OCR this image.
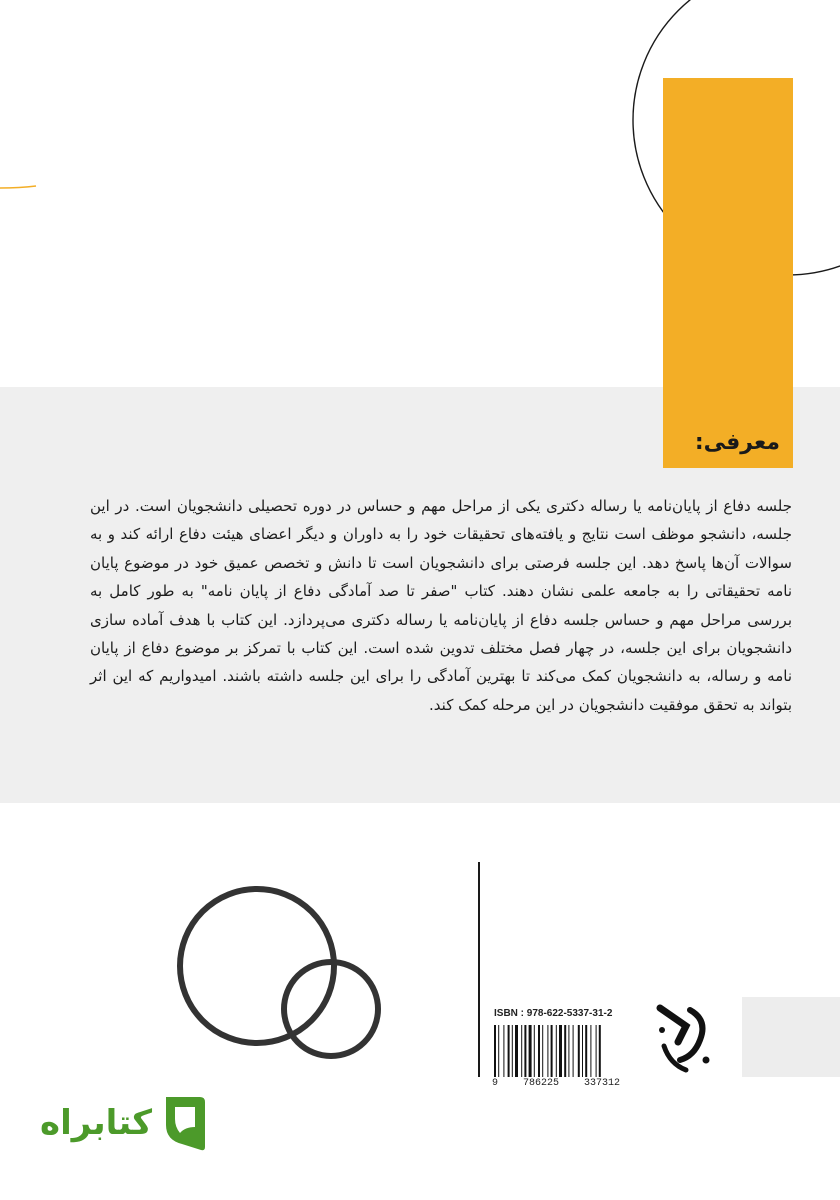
معرفی:
جلسه دفاع از پایان‌نامه یا رساله دکتری یکی از مراحل مهم و حساس در دوره تحصیلی دانشجویان است. در این جلسه، دانشجو موظف است نتایج و یافته‌های تحقیقات خود را به داوران و دیگر اعضای هیئت دفاع ارائه کند و به سوالات آن‌ها پاسخ دهد. این جلسه فرصتی برای دانشجویان است تا دانش و تخصص عمیق خود در موضوع پایان نامه تحقیقاتی را به جامعه علمی نشان دهند. کتاب "صفر تا صد آمادگی دفاع از پایان نامه" به طور کامل به بررسی مراحل مهم و حساس جلسه دفاع از پایان‌نامه یا رساله دکتری می‌پردازد. این کتاب با هدف آماده سازی دانشجویان برای این جلسه، در چهار فصل مختلف تدوین شده است. این کتاب با تمرکز بر موضوع دفاع از پایان نامه و رساله، به دانشجویان کمک می‌کند تا بهترین آمادگی را برای این جلسه داشته باشند. امیدواریم که این اثر بتواند به تحقق موفقیت دانشجویان در این مرحله کمک کند.
ISBN : 978-622-5337-31-2
9 786225 337312
کتابراه
